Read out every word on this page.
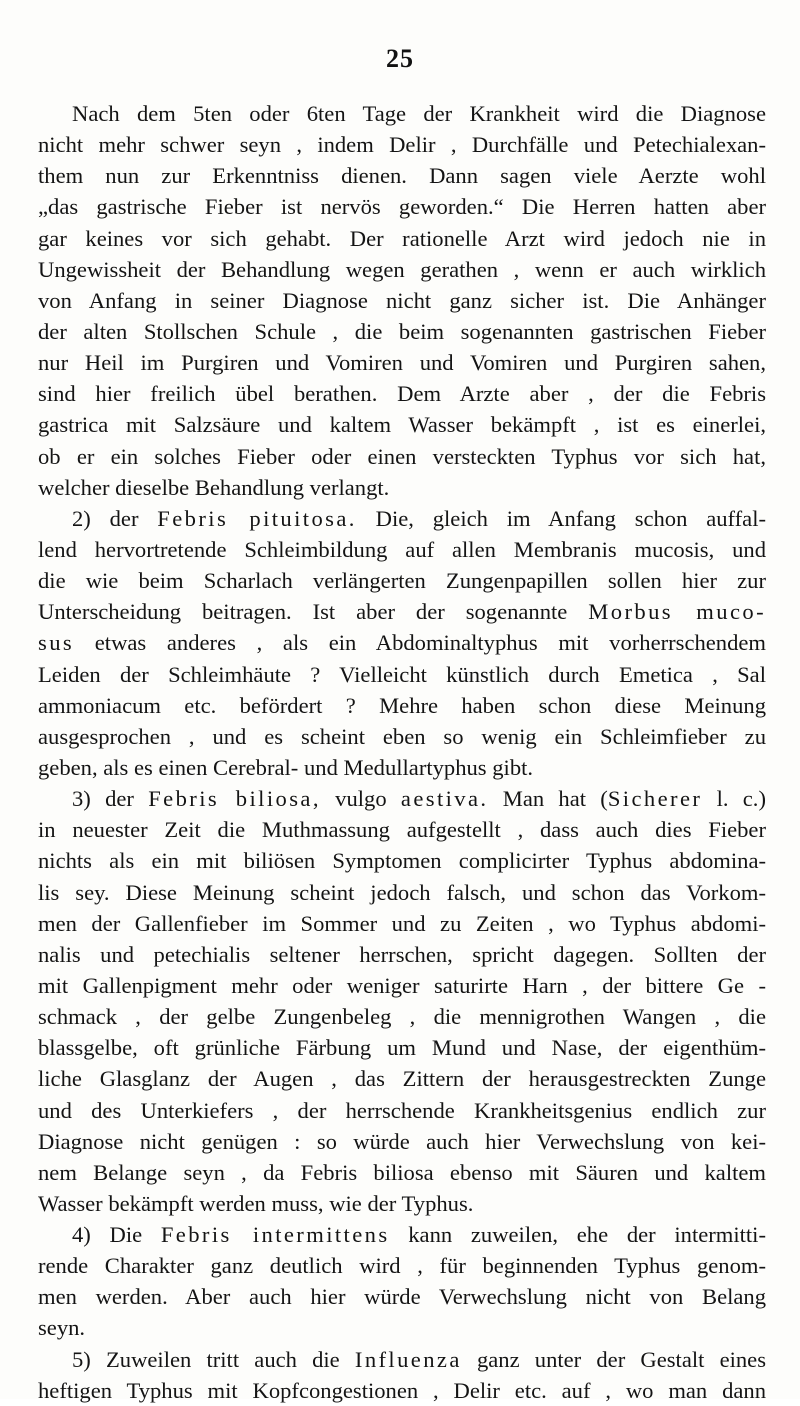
25
Nach dem 5ten oder 6ten Tage der Krankheit wird die Diagnose
nicht mehr schwer seyn , indem Delir , Durchfälle und Petechialexan-
them nun zur Erkenntniss dienen. Dann sagen viele Aerzte wohl
„das gastrische Fieber ist nervös geworden.“ Die Herren hatten aber
gar keines vor sich gehabt. Der rationelle Arzt wird jedoch nie in
Ungewissheit der Behandlung wegen gerathen , wenn er auch wirklich
von Anfang in seiner Diagnose nicht ganz sicher ist. Die Anhänger
der alten Stollschen Schule , die beim sogenannten gastrischen Fieber
nur Heil im Purgiren und Vomiren und Vomiren und Purgiren sahen,
sind hier freilich übel berathen. Dem Arzte aber , der die Febris
gastrica mit Salzsäure und kaltem Wasser bekämpft , ist es einerlei,
ob er ein solches Fieber oder einen versteckten Typhus vor sich hat,
welcher dieselbe Behandlung verlangt.
2) der Febris pituitosa. Die, gleich im Anfang schon auffal-
lend hervortretende Schleimbildung auf allen Membranis mucosis, und
die wie beim Scharlach verlängerten Zungenpapillen sollen hier zur
Unterscheidung beitragen. Ist aber der sogenannte Morbus muco-
sus etwas anderes , als ein Abdominaltyphus mit vorherrschendem
Leiden der Schleimhäute ? Vielleicht künstlich durch Emetica , Sal
ammoniacum etc. befördert ? Mehre haben schon diese Meinung
ausgesprochen , und es scheint eben so wenig ein Schleimfieber zu
geben, als es einen Cerebral- und Medullartyphus gibt.
3) der Febris biliosa, vulgo aestiva. Man hat (Sicherer l. c.)
in neuester Zeit die Muthmassung aufgestellt , dass auch dies Fieber
nichts als ein mit biliösen Symptomen complicirter Typhus abdomina-
lis sey. Diese Meinung scheint jedoch falsch, und schon das Vorkom-
men der Gallenfieber im Sommer und zu Zeiten , wo Typhus abdomi-
nalis und petechialis seltener herrschen, spricht dagegen. Sollten der
mit Gallenpigment mehr oder weniger saturirte Harn , der bittere Ge -
schmack , der gelbe Zungenbeleg , die mennigrothen Wangen , die
blassgelbe, oft grünliche Färbung um Mund und Nase, der eigenthüm-
liche Glasglanz der Augen , das Zittern der herausgestreckten Zunge
und des Unterkiefers , der herrschende Krankheitsgenius endlich zur
Diagnose nicht genügen : so würde auch hier Verwechslung von kei-
nem Belange seyn , da Febris biliosa ebenso mit Säuren und kaltem
Wasser bekämpft werden muss, wie der Typhus.
4) Die Febris intermittens kann zuweilen, ehe der intermitti-
rende Charakter ganz deutlich wird , für beginnenden Typhus genom-
men werden. Aber auch hier würde Verwechslung nicht von Belang
seyn.
5) Zuweilen tritt auch die Influenza ganz unter der Gestalt eines
heftigen Typhus mit Kopfcongestionen , Delir etc. auf , wo man dann
